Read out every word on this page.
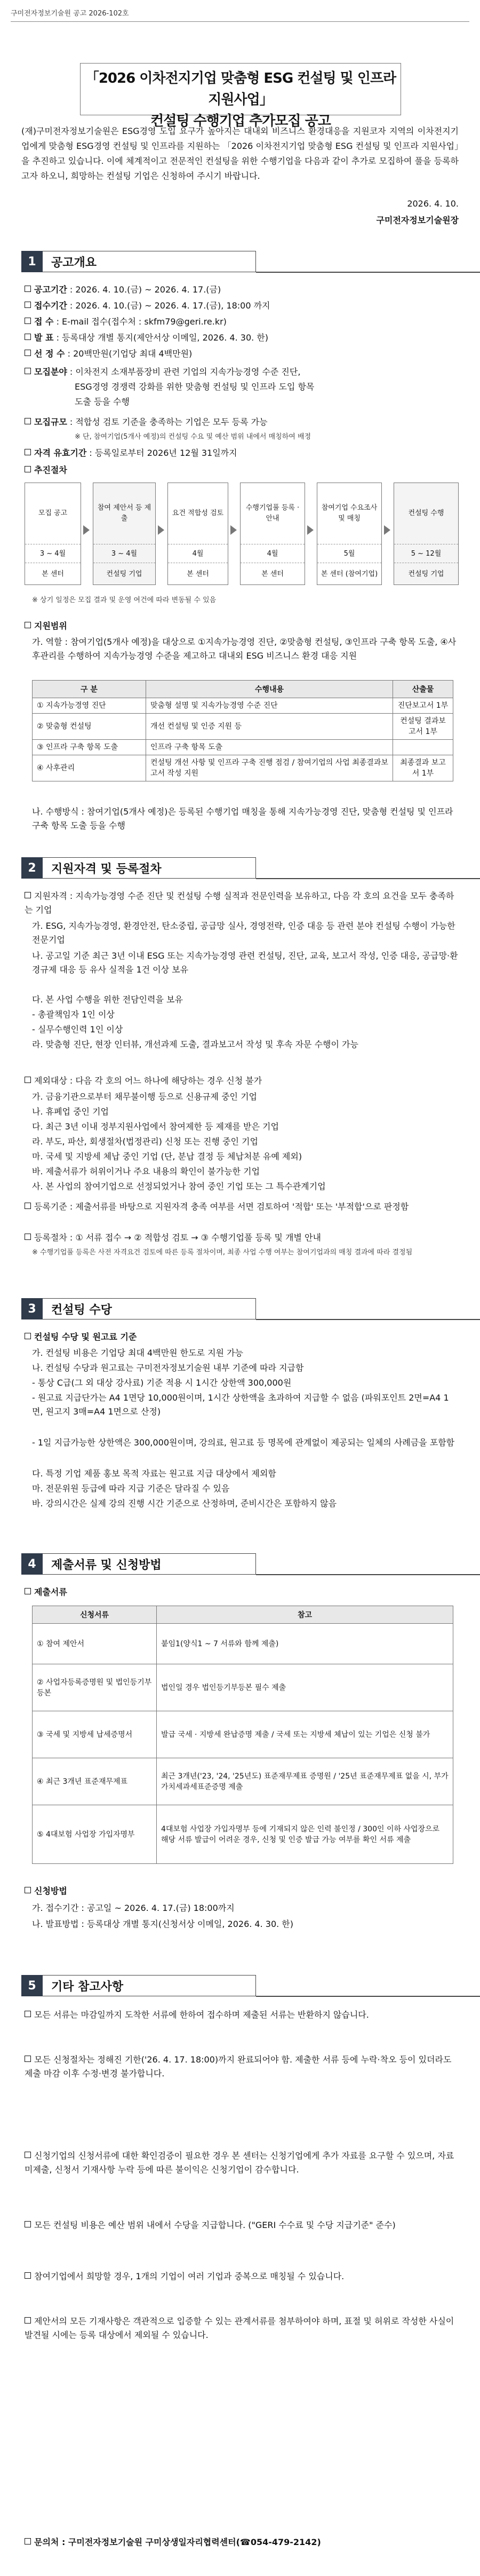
구미전자정보기술원 공고 2026-102호
「2026 이차전지기업 맞춤형 ESG 컨설팅 및 인프라 지원사업」
컨설팅 수행기업 추가모집 공고
(재)구미전자정보기술원은 ESG경영 도입 요구가 높아지는 대내외 비즈니스 환경대응을 지원코자 지역의 이차전지기업에게 맞춤형 ESG경영 컨설팅 및 인프라를 지원하는 「2026 이차전지기업 맞춤형 ESG 컨설팅 및 인프라 지원사업」을 추진하고 있습니다. 이에 체계적이고 전문적인 컨설팅을 위한 수행기업을 다음과 같이 추가로 모집하여 풀을 등록하고자 하오니, 희망하는 컨설팅 기업은 신청하여 주시기 바랍니다.
2026. 4. 10.
구미전자정보기술원장
1	공고개요
공고기간 : 2026. 4. 10.(금) ~ 2026. 4. 17.(금)
접수기간 : 2026. 4. 10.(금) ~ 2026. 4. 17.(금), 18:00 까지
접 수 : E-mail 접수(접수처 : skfm79@geri.re.kr)
발 표 : 등록대상 개별 통지(제안서상 이메일, 2026. 4. 30. 한)
선 정 수 : 20백만원(기업당 최대 4백만원)
모집분야 : 이차전지 소재부품장비 관련 기업의 지속가능경영 수준 진단,
ESG경영 경쟁력 강화를 위한 맞춤형 컨설팅 및 인프라 도입 항목
도출 등을 수행
모집규모 : 적합성 검토 기준을 충족하는 기업은 모두 등록 가능
※ 단, 참여기업(5개사 예정)의 컨설팅 수요 및 예산 범위 내에서 매칭하여 배정
자격 유효기간 : 등록일로부터 2026년 12월 31일까지
추진절차
모집 공고
3 ~ 4월
본 센터
참여 제안서 등 제출
3 ~ 4월
컨설팅 기업
요건 적합성 검토
4월
본 센터
수행기업풀 등록 · 안내
4월
본 센터
참여기업 수요조사 및 매칭
5월
본 센터 (참여기업)
컨설팅 수행
5 ~ 12월
컨설팅 기업
※ 상기 일정은 모집 결과 및 운영 여건에 따라 변동될 수 있음
지원범위
가. 역할 : 참여기업(5개사 예정)을 대상으로 ①지속가능경영 진단, ②맞춤형 컨설팅, ③인프라 구축 항목 도출, ④사후관리를 수행하여 지속가능경영 수준을 제고하고 대내외 ESG 비즈니스 환경 대응 지원
구 분	수행내용	산출물
① 지속가능경영 진단	맞춤형 설명 및 지속가능경영 수준 진단	진단보고서 1부
② 맞춤형 컨설팅	개선 컨설팅 및 인증 지원 등	컨설팅 결과보고서 1부
③ 인프라 구축 항목 도출	인프라 구축 항목 도출	
④ 사후관리	컨설팅 개선 사항 및 인프라 구축 진행 점검 / 참여기업의 사업 최종결과보고서 작성 지원	최종결과 보고서 1부
나. 수행방식 : 참여기업(5개사 예정)은 등록된 수행기업 매칭을 통해 지속가능경영 진단, 맞춤형 컨설팅 및 인프라 구축 항목 도출 등을 수행
2	지원자격 및 등록절차
지원자격 : 지속가능경영 수준 진단 및 컨설팅 수행 실적과 전문인력을 보유하고, 다음 각 호의 요건을 모두 충족하는 기업
가. ESG, 지속가능경영, 환경안전, 탄소중립, 공급망 실사, 경영전략, 인증 대응 등 관련 분야 컨설팅 수행이 가능한 전문기업
나. 공고일 기준 최근 3년 이내 ESG 또는 지속가능경영 관련 컨설팅, 진단, 교육, 보고서 작성, 인증 대응, 공급망·환경규제 대응 등 유사 실적을 1건 이상 보유
다. 본 사업 수행을 위한 전담인력을 보유
- 총괄책임자 1인 이상
- 실무수행인력 1인 이상
라. 맞춤형 진단, 현장 인터뷰, 개선과제 도출, 결과보고서 작성 및 후속 자문 수행이 가능
제외대상 : 다음 각 호의 어느 하나에 해당하는 경우 신청 불가
가. 금융기관으로부터 채무불이행 등으로 신용규제 중인 기업
나. 휴폐업 중인 기업
다. 최근 3년 이내 정부지원사업에서 참여제한 등 제재를 받은 기업
라. 부도, 파산, 회생절차(법정관리) 신청 또는 진행 중인 기업
마. 국세 및 지방세 체납 중인 기업 (단, 분납 결정 등 체납처분 유예 제외)
바. 제출서류가 허위이거나 주요 내용의 확인이 불가능한 기업
사. 본 사업의 참여기업으로 선정되었거나 참여 중인 기업 또는 그 특수관계기업
등록기준 : 제출서류를 바탕으로 지원자격 충족 여부를 서면 검토하여 '적합' 또는 '부적합'으로 판정함
등록절차 : ① 서류 접수 → ② 적합성 검토 → ③ 수행기업풀 등록 및 개별 안내
※ 수행기업풀 등록은 사전 자격요건 검토에 따른 등록 절차이며, 최종 사업 수행 여부는 참여기업과의 매칭 결과에 따라 결정됨
3	컨설팅 수당
컨설팅 수당 및 원고료 기준
가. 컨설팅 비용은 기업당 최대 4백만원 한도로 지원 가능
나. 컨설팅 수당과 원고료는 구미전자정보기술원 내부 기준에 따라 지급함
- 통상 C급(그 외 대상 강사료) 기준 적용 시 1시간 상한액 300,000원
- 원고료 지급단가는 A4 1면당 10,000원이며, 1시간 상한액을 초과하여 지급할 수 없음 (파워포인트 2면=A4 1면, 원고지 3매=A4 1면으로 산정)
- 1일 지급가능한 상한액은 300,000원이며, 강의료, 원고료 등 명목에 관계없이 제공되는 일체의 사례금을 포함함
다. 특정 기업 제품 홍보 목적 자료는 원고료 지급 대상에서 제외함
마. 전문위원 등급에 따라 지급 기준은 달라질 수 있음
바. 강의시간은 실제 강의 진행 시간 기준으로 산정하며, 준비시간은 포함하지 않음
4	제출서류 및 신청방법
제출서류
신청서류	참고
① 참여 제안서	붙임1(양식1 ~ 7 서류와 함께 제출)
② 사업자등록증명원 및 법인등기부등본	법인일 경우 법인등기부등본 필수 제출
③ 국세 및 지방세 납세증명서	발급 국세 · 지방세 완납증명 제출 / 국세 또는 지방세 체납이 있는 기업은 신청 불가
④ 최근 3개년 표준재무제표	최근 3개년('23, '24, '25년도) 표준재무제표 증명원 / '25년 표준재무제표 없을 시, 부가가치세과세표준증명 제출
⑤ 4대보험 사업장 가입자명부	4대보험 사업장 가입자명부 등에 기재되지 않은 인력 불인정 / 300인 이하 사업장으로 해당 서류 발급이 어려운 경우, 신청 및 인증 발급 가능 여부를 확인 서류 제출
신청방법
가. 접수기간 : 공고일 ~ 2026. 4. 17.(금) 18:00까지
나. 발표방법 : 등록대상 개별 통지(신청서상 이메일, 2026. 4. 30. 한)
5	기타 참고사항
모든 서류는 마감일까지 도착한 서류에 한하여 접수하며 제출된 서류는 반환하지 않습니다.
모든 신청절차는 정해진 기한('26. 4. 17. 18:00)까지 완료되어야 함. 제출한 서류 등에 누락·착오 등이 있더라도 제출 마감 이후 수정·변경 불가합니다.
신청기업의 신청서류에 대한 확인검증이 필요한 경우 본 센터는 신청기업에게 추가 자료를 요구할 수 있으며, 자료 미제출, 신청서 기재사항 누락 등에 따른 불이익은 신청기업이 감수합니다.
모든 컨설팅 비용은 예산 범위 내에서 수당을 지급합니다. ("GERI 수수료 및 수당 지급기준" 준수)
참여기업에서 희망할 경우, 1개의 기업이 여러 기업과 중복으로 매칭될 수 있습니다.
제안서의 모든 기재사항은 객관적으로 입증할 수 있는 관계서류를 첨부하여야 하며, 표절 및 허위로 작성한 사실이 발견될 시에는 등록 대상에서 제외될 수 있습니다.
문의처 : 구미전자정보기술원 구미상생일자리협력센터(☎054-479-2142)
